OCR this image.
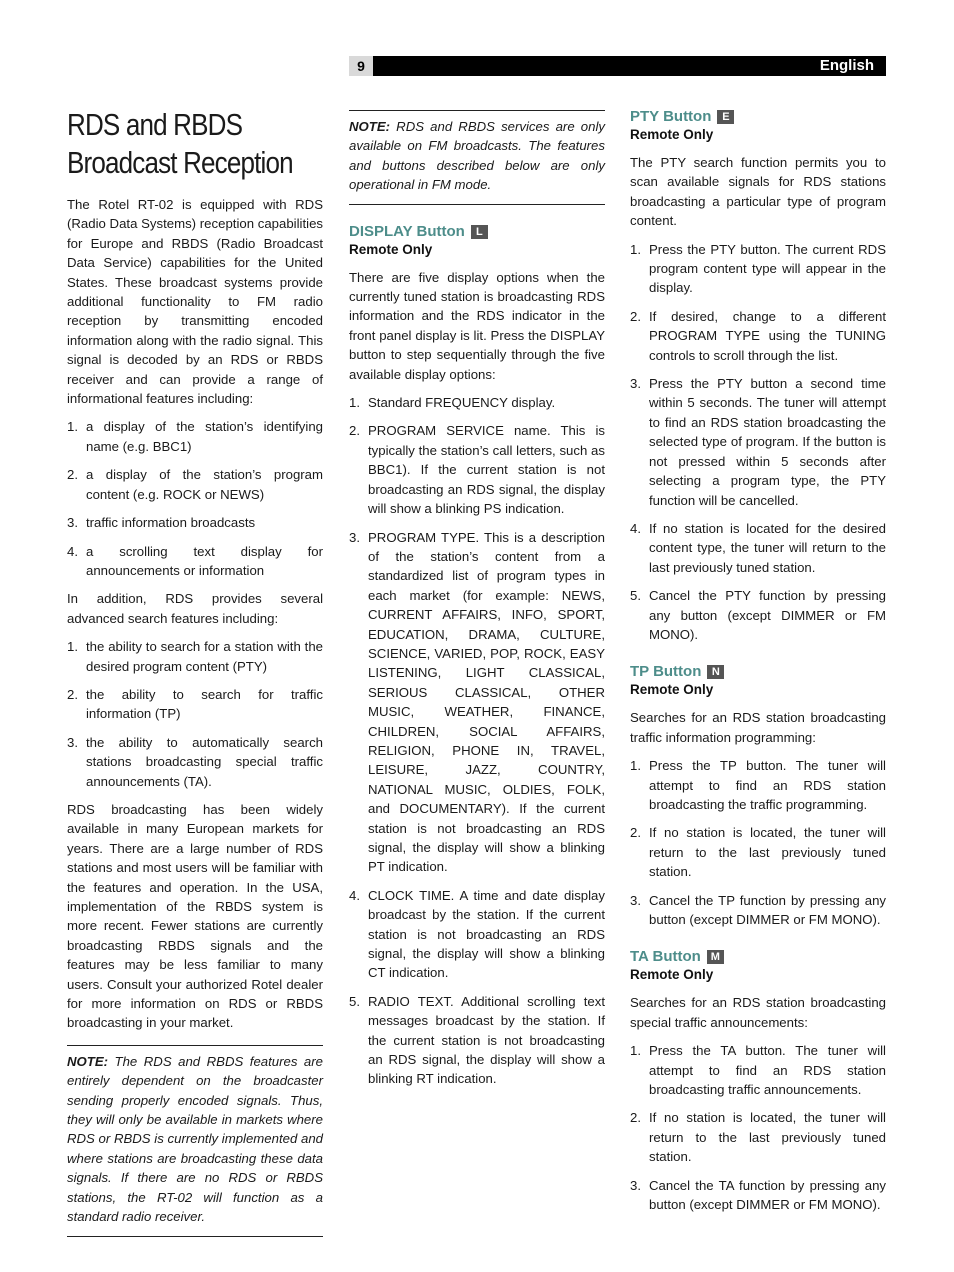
9	English
RDS and RBDS
Broadcast Reception

The Rotel RT-02 is equipped with RDS (Radio Data Systems) reception capabilities for Europe and RBDS (Radio Broadcast Data Service) capabilities for the United States. These broadcast systems provide additional functionality to FM radio reception by transmitting encoded information along with the radio signal. This signal is decoded by an RDS or RBDS receiver and can provide a range of informational features including:

1. a display of the station’s identifying name (e.g. BBC1)
2. a display of the station’s program content (e.g. ROCK or NEWS)
3. traffic information broadcasts
4. a scrolling text display for announcements or information

In addition, RDS provides several advanced search features including:

1. the ability to search for a station with the desired program content (PTY)
2. the ability to search for traffic information (TP)
3. the ability to automatically search stations broadcasting special traffic announcements (TA).

RDS broadcasting has been widely available in many European markets for years. There are a large number of RDS stations and most users will be familiar with the features and operation. In the USA, implementation of the RBDS system is more recent. Fewer stations are currently broadcasting RBDS signals and the features may be less familiar to many users. Consult your authorized Rotel dealer for more information on RDS or RBDS broadcasting in your market.

NOTE: The RDS and RBDS features are entirely dependent on the broadcaster sending properly encoded signals. Thus, they will only be available in markets where RDS or RBDS is currently implemented and where stations are broadcasting these data signals. If there are no RDS or RBDS stations, the RT-02 will function as a standard radio receiver.

NOTE: RDS and RBDS services are only available on FM broadcasts. The features and buttons described below are only operational in FM mode.

DISPLAY Button	L
Remote Only

There are five display options when the currently tuned station is broadcasting RDS information and the RDS indicator in the front panel display is lit. Press the DISPLAY button to step sequentially through the five available display options:

1. Standard FREQUENCY display.
2. PROGRAM SERVICE name. This is typically the station’s call letters, such as BBC1). If the current station is not broadcasting an RDS signal, the display will show a blinking PS indication.
3. PROGRAM TYPE. This is a description of the station’s content from a standardized list of program types in each market (for example: NEWS, CURRENT AFFAIRS, INFO, SPORT, EDUCATION, DRAMA, CULTURE, SCIENCE, VARIED, POP, ROCK, EASY LISTENING, LIGHT CLASSICAL, SERIOUS CLASSICAL, OTHER MUSIC, WEATHER, FINANCE, CHILDREN, SOCIAL AFFAIRS, RELIGION, PHONE IN, TRAVEL, LEISURE, JAZZ, COUNTRY, NATIONAL MUSIC, OLDIES, FOLK, and DOCUMENTARY). If the current station is not broadcasting an RDS signal, the display will show a blinking PT indication.
4. CLOCK TIME. A time and date display broadcast by the station. If the current station is not broadcasting an RDS signal, the display will show a blinking CT indication.
5. RADIO TEXT. Additional scrolling text messages broadcast by the station. If the current station is not broadcasting an RDS signal, the display will show a blinking RT indication.
PTY Button E
Remote Only

The PTY search function permits you to scan available signals for RDS stations broadcasting a particular type of program content.

1. Press the PTY button. The current RDS program content type will appear in the display.
2. If desired, change to a different PROGRAM TYPE using the TUNING controls to scroll through the list.
3. Press the PTY button a second time within 5 seconds. The tuner will attempt to find an RDS station broadcasting the selected type of program. If the button is not pressed within 5 seconds after selecting a program type, the PTY function will be cancelled.
4. If no station is located for the desired content type, the tuner will return to the last previously tuned station.
5. Cancel the PTY function by pressing any button (except DIMMER or FM MONO).
TP Button N
Remote Only

Searches for an RDS station broadcasting traffic information programming:

1. Press the TP button. The tuner will attempt to find an RDS station broadcasting the traffic programming.
2. If no station is located, the tuner will return to the last previously tuned station.
3. Cancel the TP function by pressing any button (except DIMMER or FM MONO).
TA Button M
Remote Only

Searches for an RDS station broadcasting special traffic announcements:

1. Press the TA button. The tuner will attempt to find an RDS station broadcasting traffic announcements.
2. If no station is located, the tuner will return to the last previously tuned station.
3. Cancel the TA function by pressing any button (except DIMMER or FM MONO).
